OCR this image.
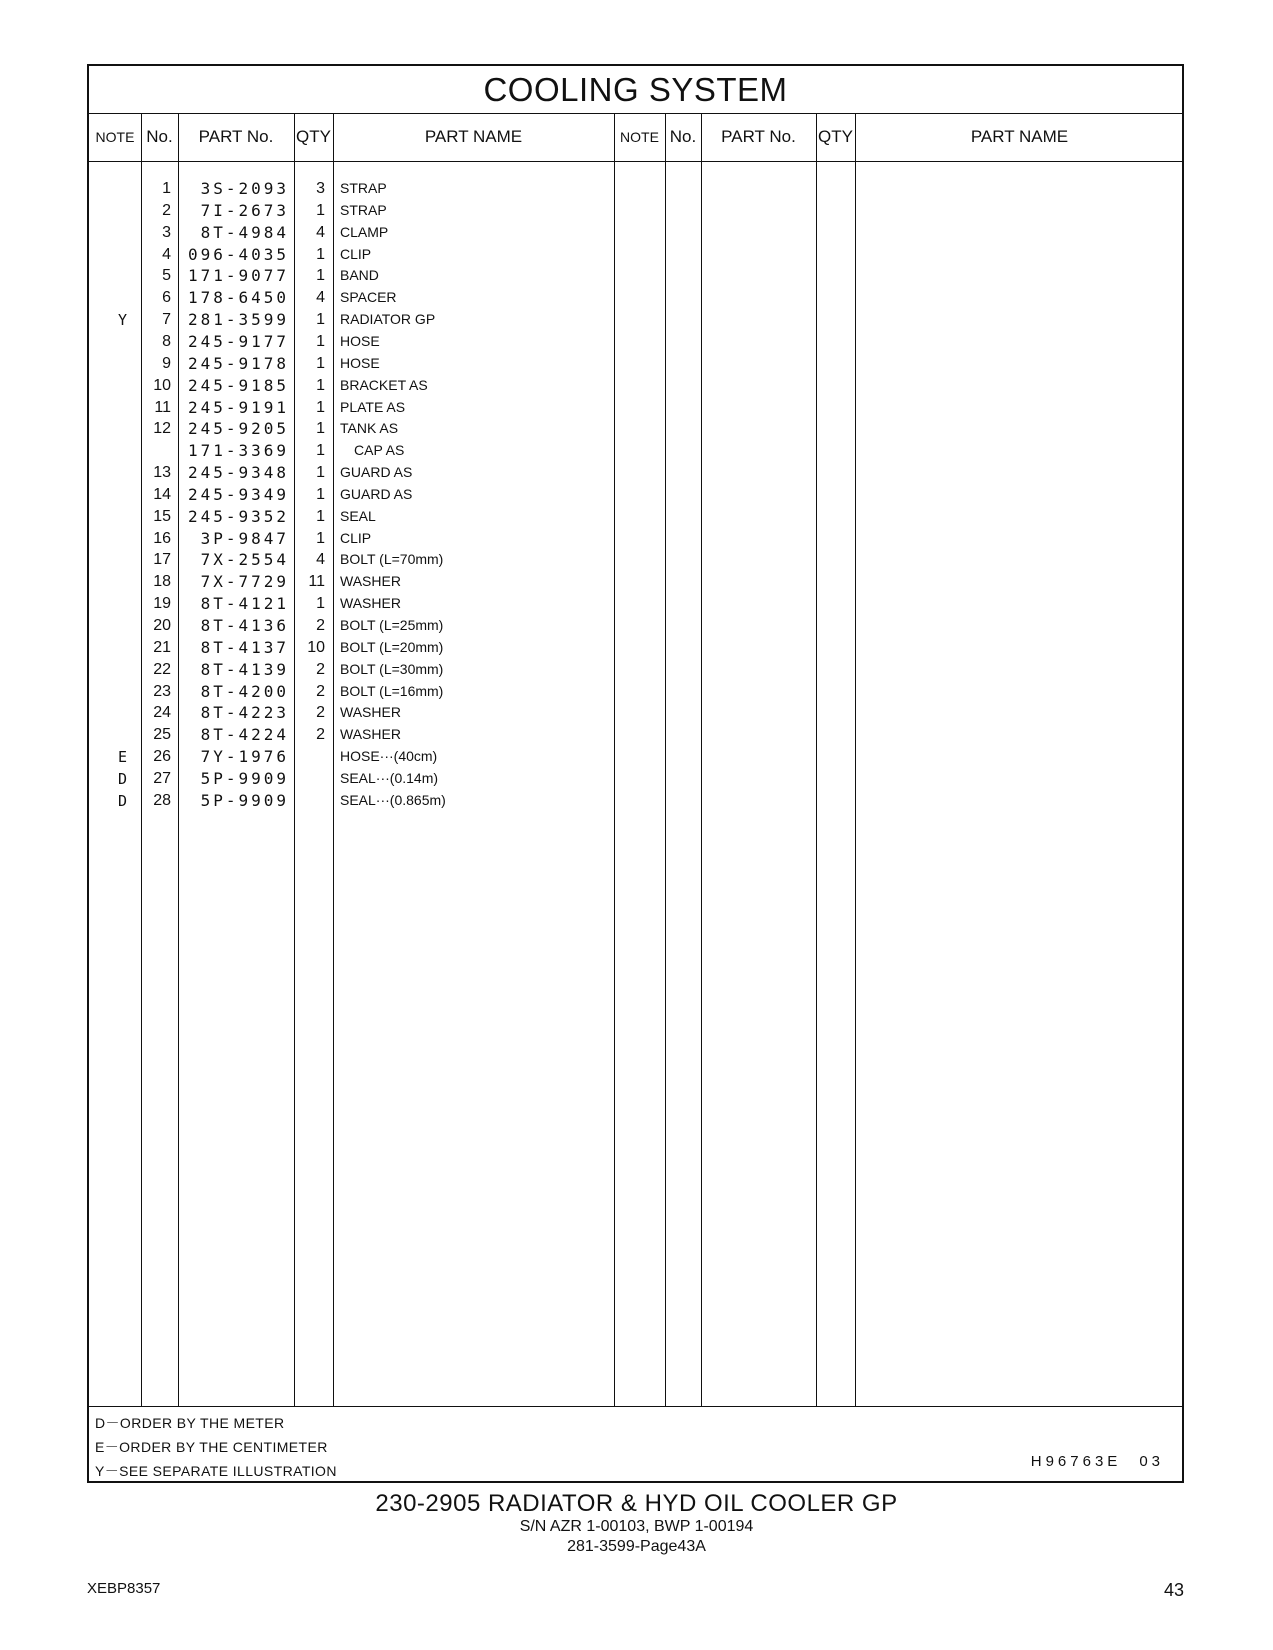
COOLING SYSTEM
NOTE No.	PART No.	QTY	PART NAME	NOTE No.	PART No.	QTY	PART NAME
1	3S-2093	3 STRAP
2	7I-2673	1 STRAP
3	8T-4984	4 CLAMP
4	096-4035	1 CLIP
5	171-9077	1 BAND
6	178-6450	4 SPACER
Y	7	281-3599	1 RADIATOR GP
8	245-9177	1 HOSE
9	245-9178	1 HOSE
10	245-9185	1 BRACKET AS
11	245-9191	1 PLATE AS
12	245-9205	1 TANK AS
171-3369	1	CAP AS
13	245-9348	1 GUARD AS
14	245-9349	1 GUARD AS
15	245-9352	1 SEAL
16	3P-9847	1 CLIP
17	7X-2554	4 BOLT (L=70mm)
18	7X-7729	11 WASHER
19	8T-4121	1 WASHER
20	8T-4136	2 BOLT (L=25mm)
21	8T-4137	10 BOLT (L=20mm)
22	8T-4139	2 BOLT (L=30mm)
23	8T-4200	2 BOLT (L=16mm)
24	8T-4223	2 WASHER
25	8T-4224	2 WASHER
E	26	7Y-1976	HOSE···(40cm)
D	27	5P-9909	SEAL···(0.14m)
D	28	5P-9909	SEAL···(0.865m)
D－ORDER BY THE METER
E－ORDER BY THE CENTIMETER
Y－SEE SEPARATE ILLUSTRATION
H96763E 03
230-2905 RADIATOR & HYD OIL COOLER GP
S/N AZR 1-00103, BWP 1-00194
281-3599-Page43A
XEBP8357	43
